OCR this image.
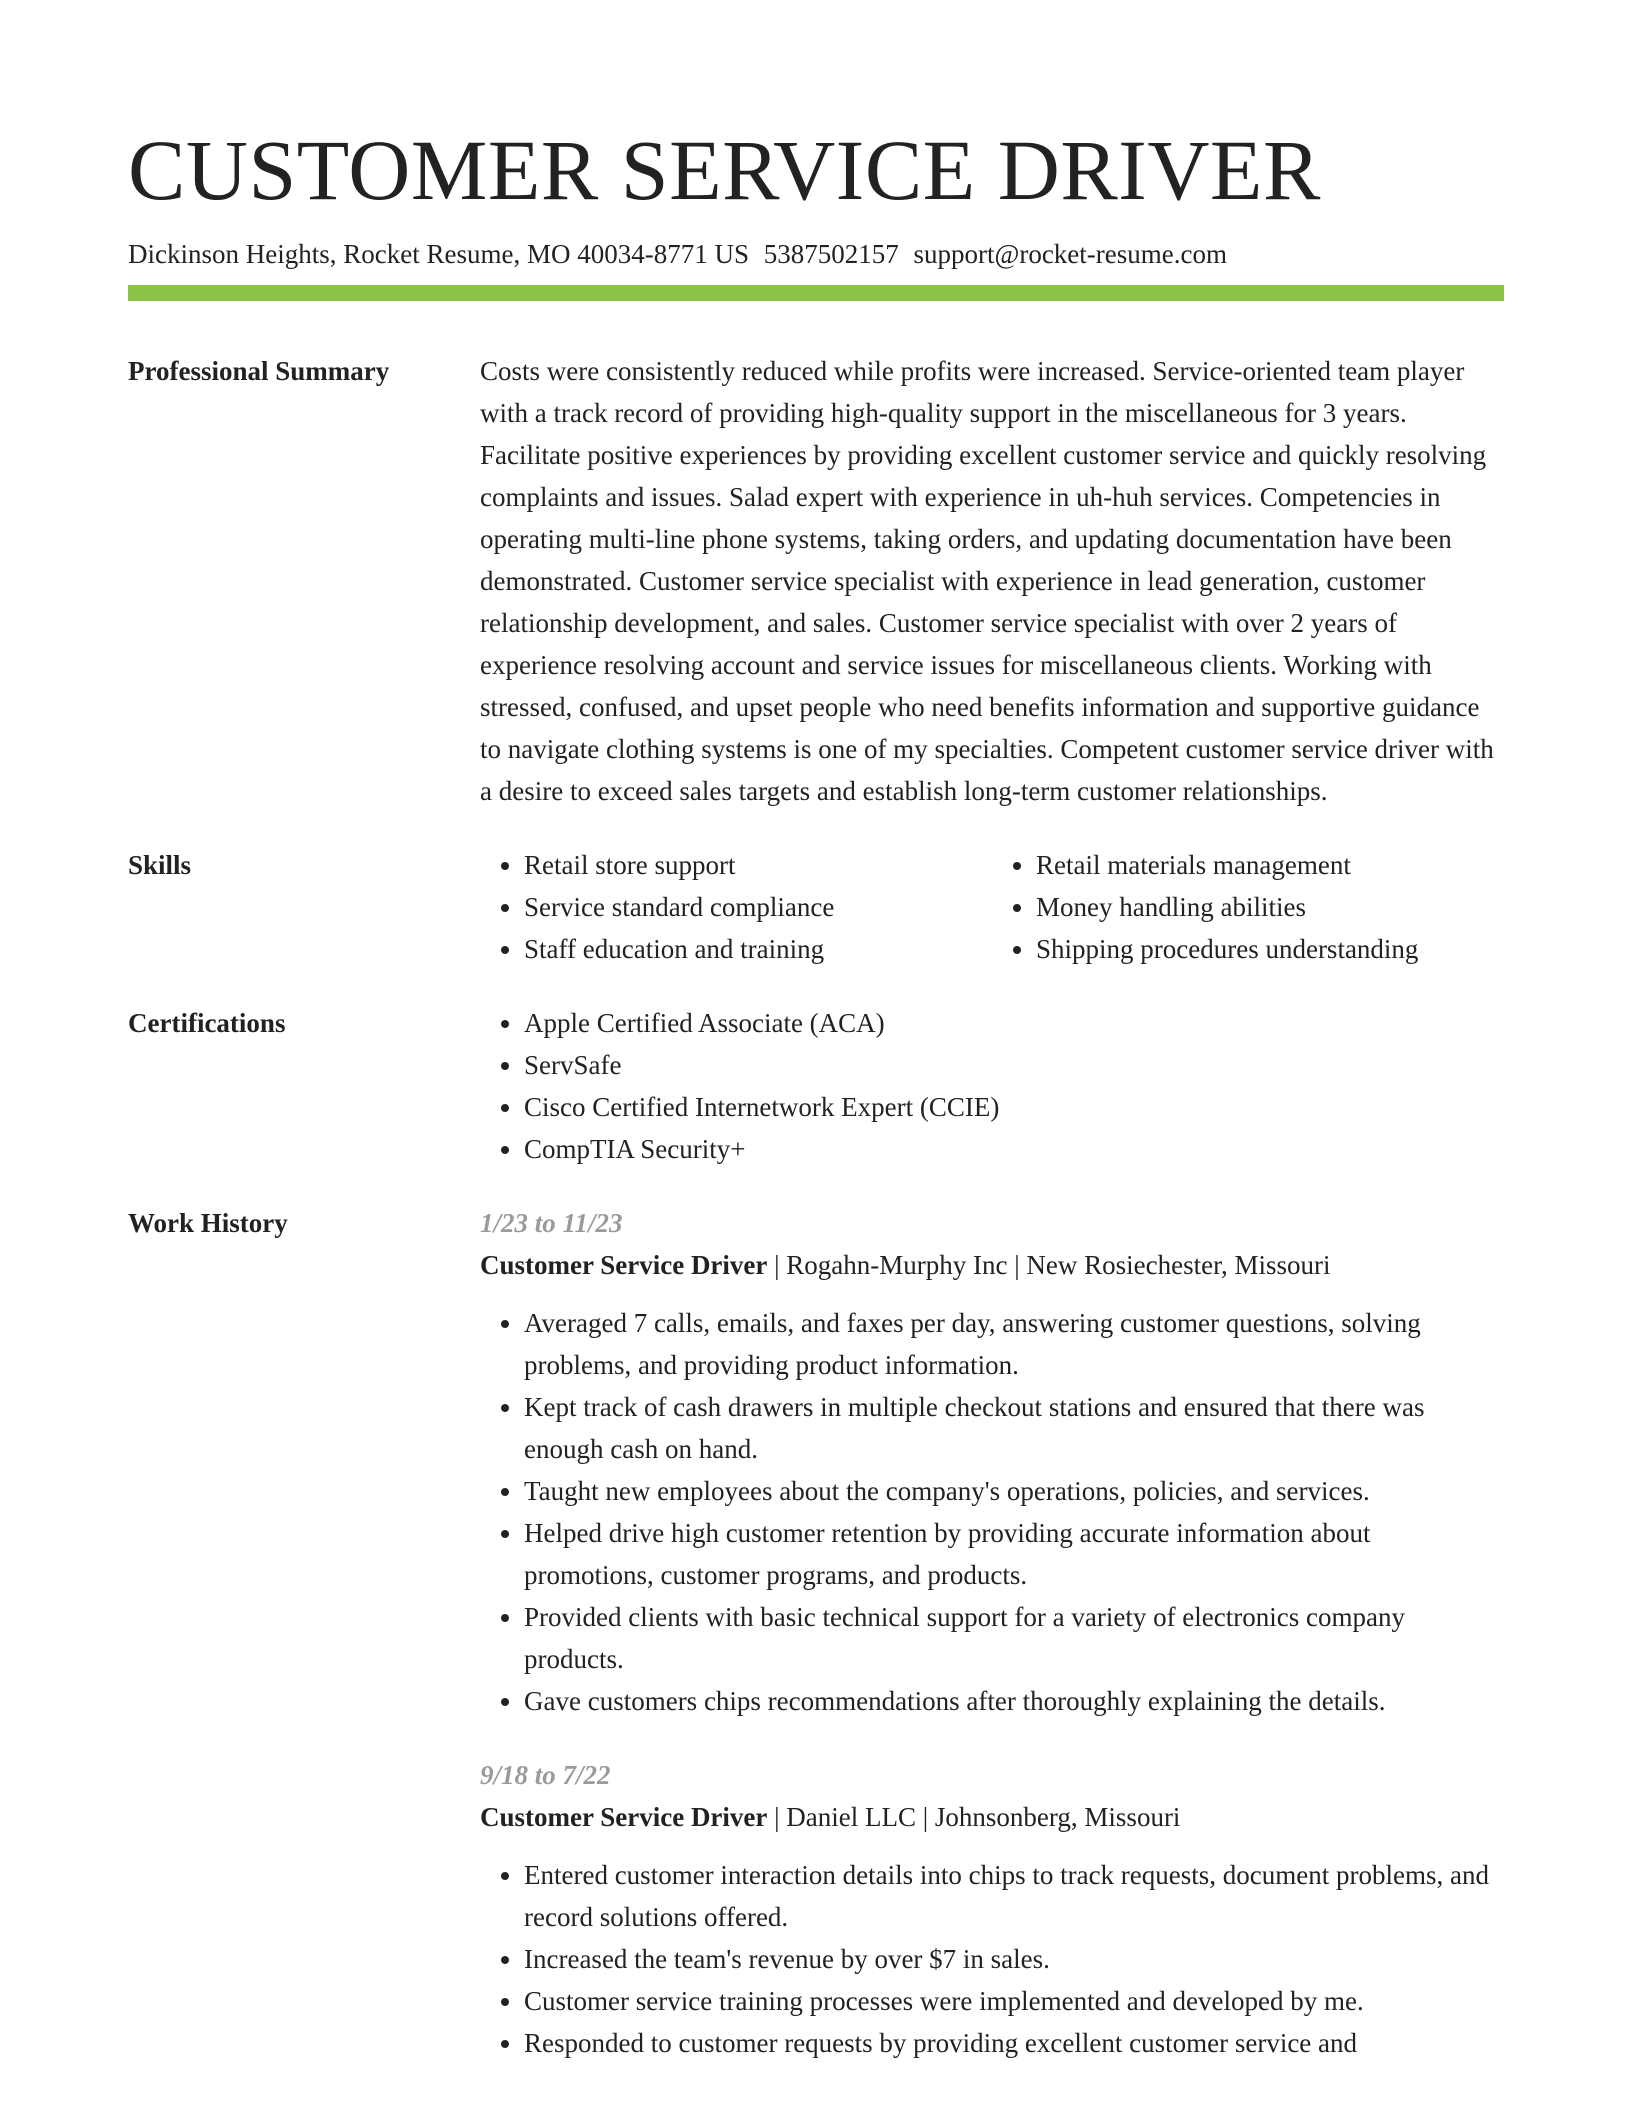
CUSTOMER SERVICE DRIVER
Dickinson Heights, Rocket Resume, MO 40034-8771 US 5387502157 support@rocket-resume.com
Professional Summary	Costs were consistently reduced while profits were increased. Service-oriented team player with a track record of providing high-quality support in the miscellaneous for 3 years. Facilitate positive experiences by providing excellent customer service and quickly resolving complaints and issues. Salad expert with experience in uh-huh services. Competencies in operating multi-line phone systems, taking orders, and updating documentation have been demonstrated. Customer service specialist with experience in lead generation, customer relationship development, and sales. Customer service specialist with over 2 years of experience resolving account and service issues for miscellaneous clients. Working with stressed, confused, and upset people who need benefits information and supportive guidance to navigate clothing systems is one of my specialties. Competent customer service driver with a desire to exceed sales targets and establish long-term customer relationships.

Skills	• Retail store support
• Service standard compliance
• Staff education and training
• Retail materials management
• Money handling abilities
• Shipping procedures understanding
Certifications	• Apple Certified Associate (ACA)
• ServSafe
• Cisco Certified Internetwork Expert (CCIE)
• CompTIA Security+
Work History	1/23 to 11/23
Customer Service Driver | Rogahn-Murphy Inc | New Rosiechester, Missouri
• Averaged 7 calls, emails, and faxes per day, answering customer questions, solving problems, and providing product information.
• Kept track of cash drawers in multiple checkout stations and ensured that there was enough cash on hand.
• Taught new employees about the company's operations, policies, and services.
• Helped drive high customer retention by providing accurate information about promotions, customer programs, and products.
• Provided clients with basic technical support for a variety of electronics company products.
• Gave customers chips recommendations after thoroughly explaining the details.
9/18 to 7/22
Customer Service Driver | Daniel LLC | Johnsonberg, Missouri
• Entered customer interaction details into chips to track requests, document problems, and record solutions offered.
• Increased the team's revenue by over $7 in sales.
• Customer service training processes were implemented and developed by me.
• Responded to customer requests by providing excellent customer service and
